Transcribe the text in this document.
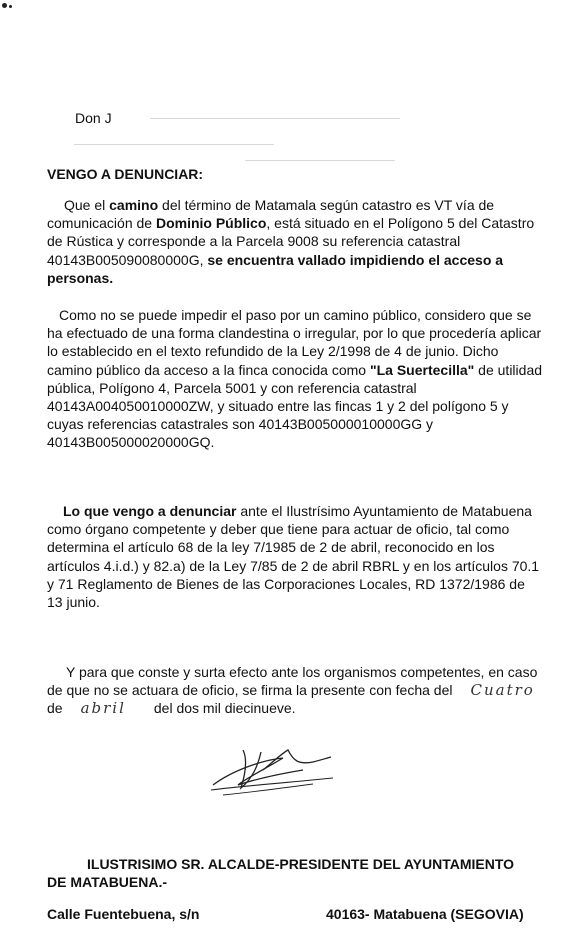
Don J
VENGO A DENUNCIAR:
Que el camino del término de Matamala según catastro es VT vía de
comunicación de Dominio Público, está situado en el Polígono 5 del Catastro
de Rústica y corresponde a la Parcela 9008 su referencia catastral
40143B005090080000G, se encuentra vallado impidiendo el acceso a
personas.
Como no se puede impedir el paso por un camino público, considero que se
ha efectuado de una forma clandestina o irregular, por lo que procedería aplicar
lo establecido en el texto refundido de la Ley 2/1998 de 4 de junio. Dicho
camino público da acceso a la finca conocida como "La Suertecilla" de utilidad
pública, Polígono 4, Parcela 5001 y con referencia catastral
40143A004050010000ZW, y situado entre las fincas 1 y 2 del polígono 5 y
cuyas referencias catastrales son 40143B005000010000GG y
40143B005000020000GQ.
Lo que vengo a denunciar ante el Ilustrísimo Ayuntamiento de Matabuena
como órgano competente y deber que tiene para actuar de oficio, tal como
determina el artículo 68 de la ley 7/1985 de 2 de abril, reconocido en los
artículos 4.i.d.) y 82.a) de la Ley 7/85 de 2 de abril RBRL y en los artículos 70.1
y 71 Reglamento de Bienes de las Corporaciones Locales, RD 1372/1986 de
13 junio.
Y para que conste y surta efecto ante los organismos competentes, en caso
de que no se actuara de oficio, se firma la presente con fecha del Cuatro
de abril del dos mil diecinueve.
ILUSTRISIMO SR. ALCALDE-PRESIDENTE DEL AYUNTAMIENTO
DE MATABUENA.-
Calle Fuentebuena, s/n	40163- Matabuena (SEGOVIA)
